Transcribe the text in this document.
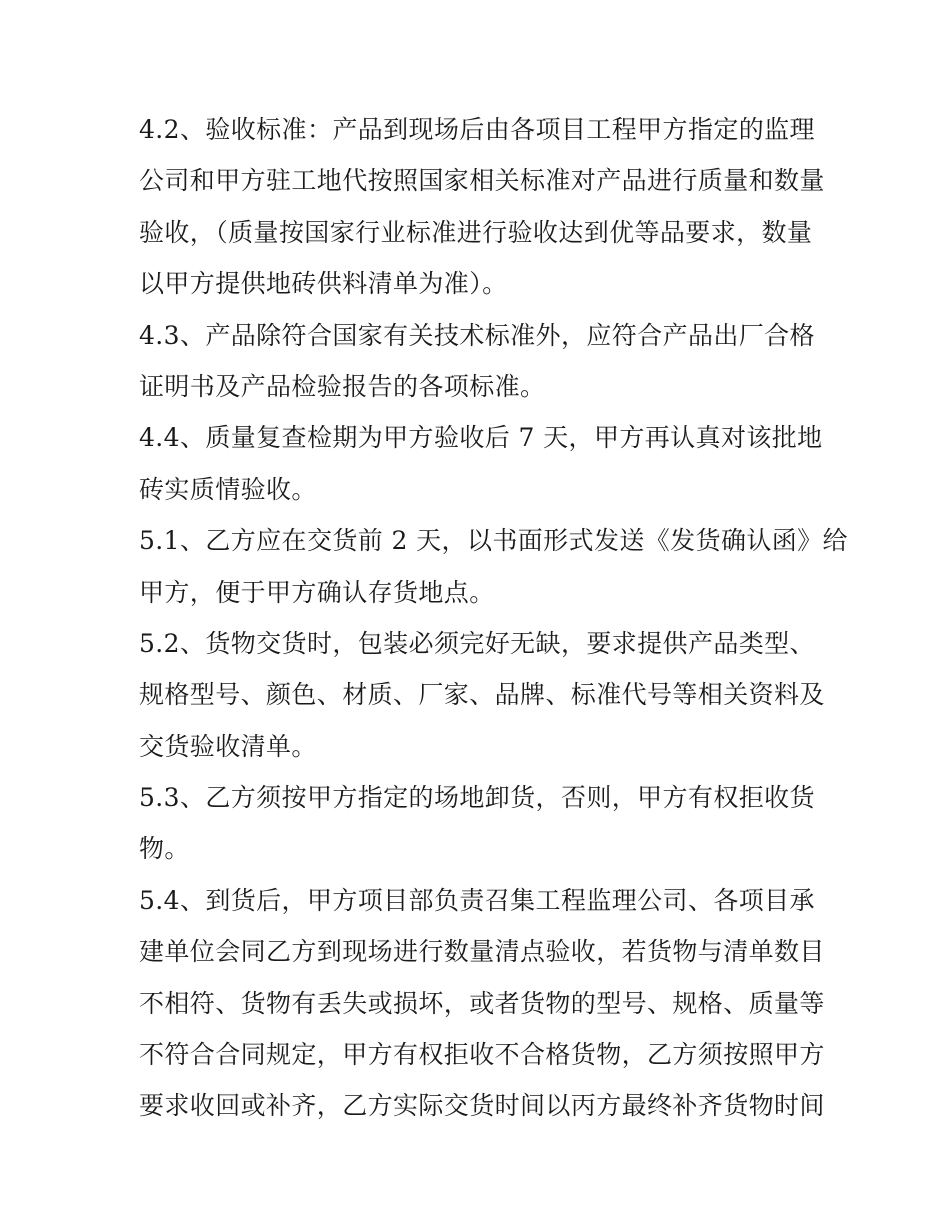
4.2、验收标准：产品到现场后由各项目工程甲方指定的监理
公司和甲方驻工地代按照国家相关标准对产品进行质量和数量
验收，（质量按国家行业标准进行验收达到优等品要求，数量
以甲方提供地砖供料清单为准）。
4.3、产品除符合国家有关技术标准外，应符合产品出厂合格
证明书及产品检验报告的各项标准。
4.4、质量复查检期为甲方验收后 7 天，甲方再认真对该批地
砖实质情验收。
5.1、乙方应在交货前 2 天，以书面形式发送《发货确认函》给
甲方，便于甲方确认存货地点。
5.2、货物交货时，包装必须完好无缺，要求提供产品类型、
规格型号、颜色、材质、厂家、品牌、标准代号等相关资料及
交货验收清单。
5.3、乙方须按甲方指定的场地卸货，否则，甲方有权拒收货
物。
5.4、到货后，甲方项目部负责召集工程监理公司、各项目承
建单位会同乙方到现场进行数量清点验收，若货物与清单数目
不相符、货物有丢失或损坏，或者货物的型号、规格、质量等
不符合合同规定，甲方有权拒收不合格货物，乙方须按照甲方
要求收回或补齐，乙方实际交货时间以丙方最终补齐货物时间
